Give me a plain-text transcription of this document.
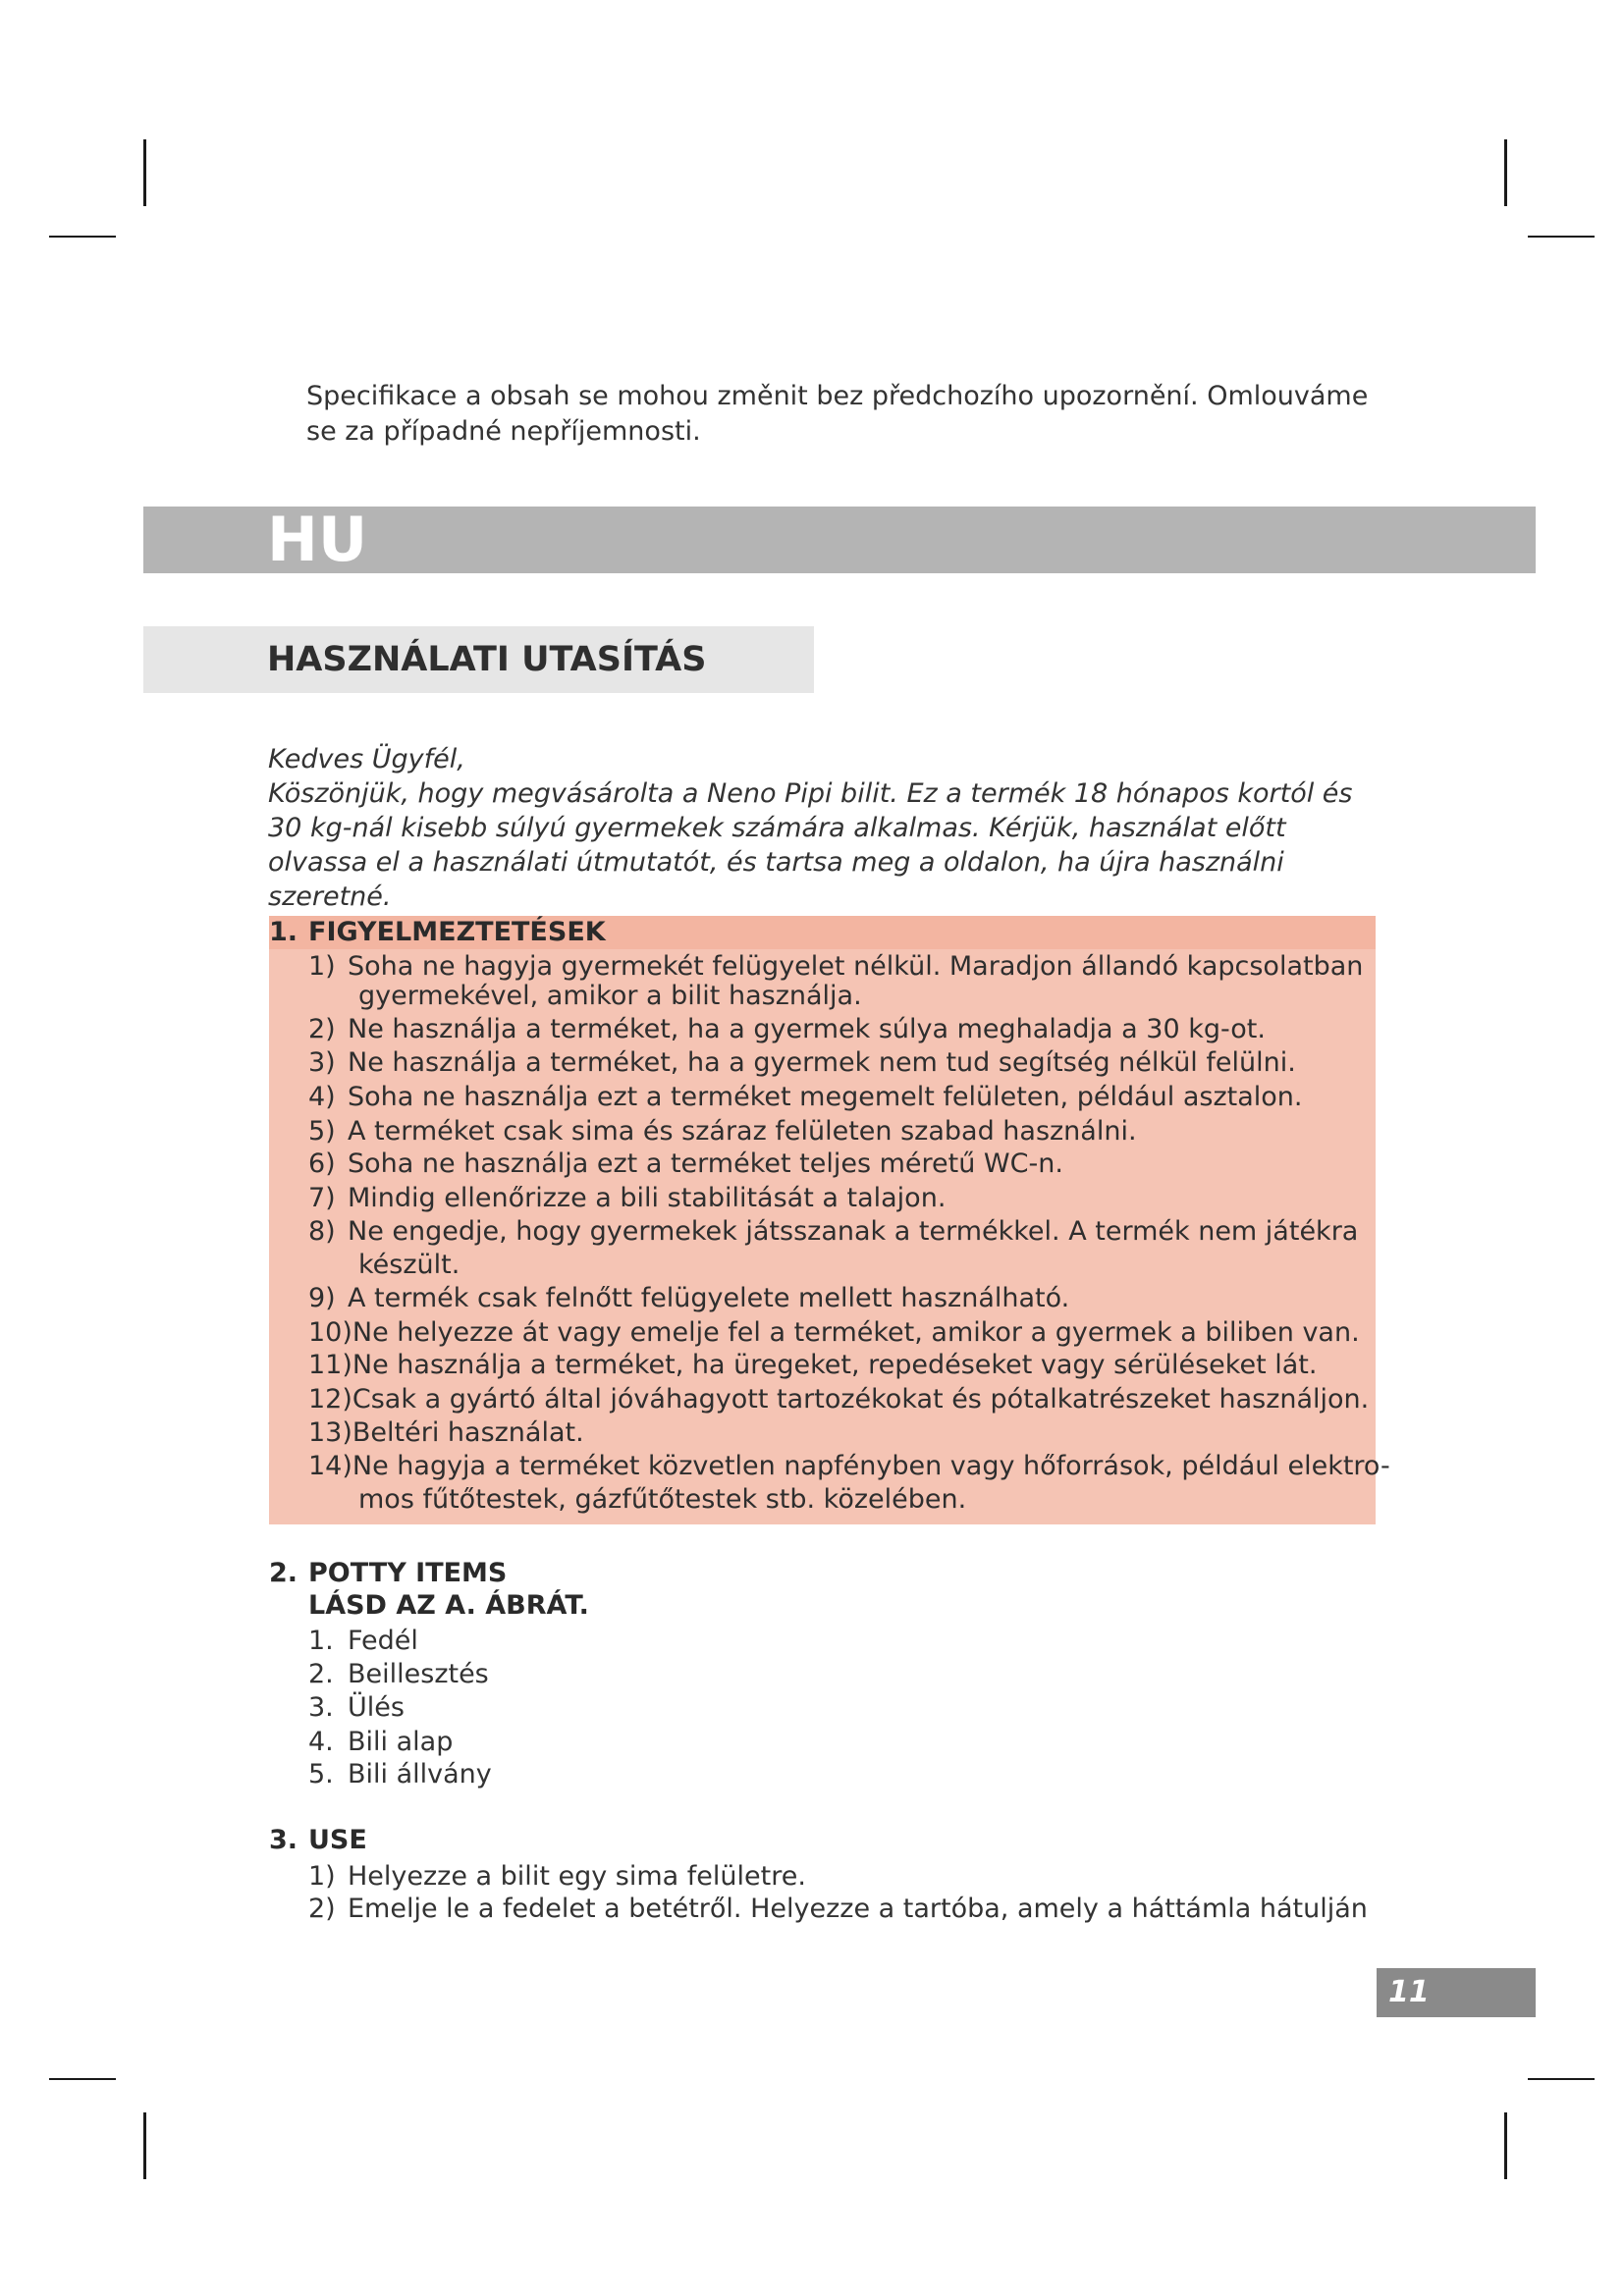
Specifikace a obsah se mohou změnit bez předchozího upozornění. Omlouváme se za případné nepříjemnosti.
HU
HASZNÁLATI UTASÍTÁS

Kedves Ügyfél,

Köszönjük, hogy megvásárolta a Neno Pipi bilit. Ez a termék 18 hónapos kortól és 30 kg-nál kisebb súlyú gyermekek számára alkalmas. Kérjük, használat előtt olvassa el a használati útmutatót, és tartsa meg a oldalon, ha újra használni szeretné.

1. FIGYELMEZTETÉSEK
1) Soha ne hagyja gyermekét felügyelet nélkül. Maradjon állandó kapcsolatban
gyermekével, amikor a bilit használja.
2) Ne használja a terméket, ha a gyermek súlya meghaladja a 30 kg-ot.
3) Ne használja a terméket, ha a gyermek nem tud segítség nélkül felülni.
4) Soha ne használja ezt a terméket megemelt felületen, például asztalon.
5) A terméket csak sima és száraz felületen szabad használni.
6) Soha ne használja ezt a terméket teljes méretű WC-n.
7) Mindig ellenőrizze a bili stabilitását a talajon.
8) Ne engedje, hogy gyermekek játsszanak a termékkel. A termék nem játékra
készült.
9) A termék csak felnőtt felügyelete mellett használható.
10)Ne helyezze át vagy emelje fel a terméket, amikor a gyermek a biliben van.
11)Ne használja a terméket, ha üregeket, repedéseket vagy sérüléseket lát.
12)Csak a gyártó által jóváhagyott tartozékokat és pótalkatrészeket használjon.
13)Beltéri használat.
14)Ne hagyja a terméket közvetlen napfényben vagy hőforrások, például elektro-
mos fűtőtestek, gázfűtőtestek stb. közelében.
2. POTTY ITEMS
LÁSD AZ A. ÁBRÁT.
1. Fedél
2. Beillesztés
3. Ülés
4. Bili alap
5. Bili állvány
3. USE
1) Helyezze a bilit egy sima felületre.
2) Emelje le a fedelet a betétről. Helyezze a tartóba, amely a háttámla hátulján
11
